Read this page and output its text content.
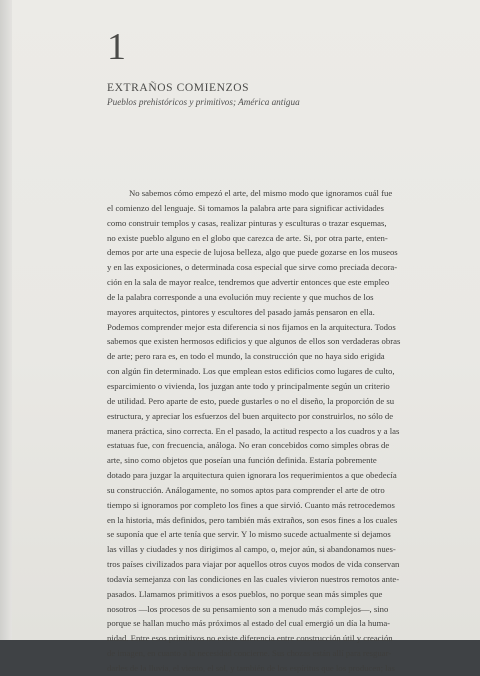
1
EXTRAÑOS COMIENZOS
Pueblos prehistóricos y primitivos; América antigua
No sabemos cómo empezó el arte, del mismo modo que ignoramos cuál fue
el comienzo del lenguaje. Si tomamos la palabra arte para significar actividades
como construir templos y casas, realizar pinturas y esculturas o trazar esquemas,
no existe pueblo alguno en el globo que carezca de arte. Si, por otra parte, enten-
demos por arte una especie de lujosa belleza, algo que puede gozarse en los museos
y en las exposiciones, o determinada cosa especial que sirve como preciada decora-
ción en la sala de mayor realce, tendremos que advertir entonces que este empleo
de la palabra corresponde a una evolución muy reciente y que muchos de los
mayores arquitectos, pintores y escultores del pasado jamás pensaron en ella.
Podemos comprender mejor esta diferencia si nos fijamos en la arquitectura. Todos
sabemos que existen hermosos edificios y que algunos de ellos son verdaderas obras
de arte; pero rara es, en todo el mundo, la construcción que no haya sido erigida
con algún fin determinado. Los que emplean estos edificios como lugares de culto,
esparcimiento o vivienda, los juzgan ante todo y principalmente según un criterio
de utilidad. Pero aparte de esto, puede gustarles o no el diseño, la proporción de su
estructura, y apreciar los esfuerzos del buen arquitecto por construirlos, no sólo de
manera práctica, sino correcta. En el pasado, la actitud respecto a los cuadros y a las
estatuas fue, con frecuencia, análoga. No eran concebidos como simples obras de
arte, sino como objetos que poseían una función definida. Estaría pobremente
dotado para juzgar la arquitectura quien ignorara los requerimientos a que obedecía
su construcción. Análogamente, no somos aptos para comprender el arte de otro
tiempo si ignoramos por completo los fines a que sirvió. Cuanto más retrocedemos
en la historia, más definidos, pero también más extraños, son esos fines a los cuales
se suponía que el arte tenía que servir. Y lo mismo sucede actualmente si dejamos
las villas y ciudades y nos dirigimos al campo, o, mejor aún, si abandonamos nues-
tros países civilizados para viajar por aquellos otros cuyos modos de vida conservan
todavía semejanza con las condiciones en las cuales vivieron nuestros remotos ante-
pasados. Llamamos primitivos a esos pueblos, no porque sean más simples que
nosotros —los procesos de su pensamiento son a menudo más complejos—, sino
porque se hallan mucho más próximos al estado del cual emergió un día la huma-
nidad. Entre esos primitivos no existe diferencia entre construcción útil y creación
de imagen, en cuanto a la necesidad concierne. Sus chozas están allí para resguar-
darles de la lluvia, el viento, el sol, y también de los espíritus que los producen; las
